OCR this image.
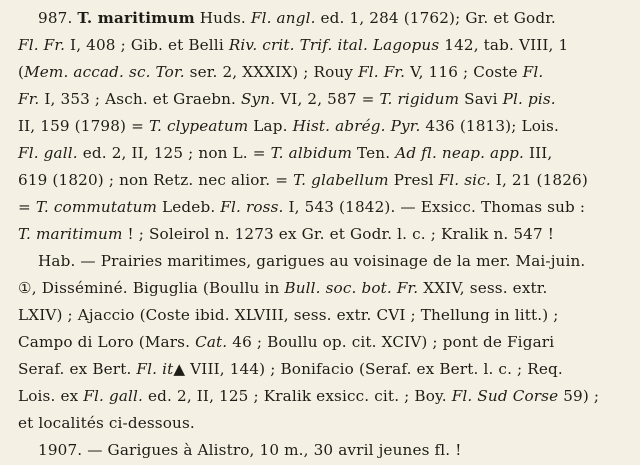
987. T. maritimum Huds. Fl. angl. ed. 1, 284 (1762); Gr. et Godr.
Fl. Fr. I, 408 ; Gib. et Belli Riv. crit. Trif. ital. Lagopus 142, tab. VIII, 1
(Mem. accad. sc. Tor. ser. 2, XXXIX) ; Rouy Fl. Fr. V, 116 ; Coste Fl.
Fr. I, 353 ; Asch. et Graebn. Syn. VI, 2, 587 = T. rigidum Savi Pl. pis.
II, 159 (1798) = T. clypeatum Lap. Hist. abrég. Pyr. 436 (1813); Lois.
Fl. gall. ed. 2, II, 125 ; non L. = T. albidum Ten. Ad fl. neap. app. III,
619 (1820) ; non Retz. nec alior. = T. glabellum Presl Fl. sic. I, 21 (1826)
= T. commutatum Ledeb. Fl. ross. I, 543 (1842). — Exsicc. Thomas sub :
T. maritimum ! ; Soleirol n. 1273 ex Gr. et Godr. l. c. ; Kralik n. 547 !
Hab. — Prairies maritimes, garigues au voisinage de la mer. Mai-juin.
①, Disséminé. Biguglia (Boullu in Bull. soc. bot. Fr. XXIV, sess. extr.
LXIV) ; Ajaccio (Coste ibid. XLVIII, sess. extr. CVI ; Thellung in litt.) ;
Campo di Loro (Mars. Cat. 46 ; Boullu op. cit. XCIV) ; pont de Figari
Seraf. ex Bert. Fl. it▲ VIII, 144) ; Bonifacio (Seraf. ex Bert. l. c. ; Req.
Lois. ex Fl. gall. ed. 2, II, 125 ; Kralik exsicc. cit. ; Boy. Fl. Sud Corse 59) ;
et localités ci-dessous.
1907. — Garigues à Alistro, 10 m., 30 avril jeunes fl. !
